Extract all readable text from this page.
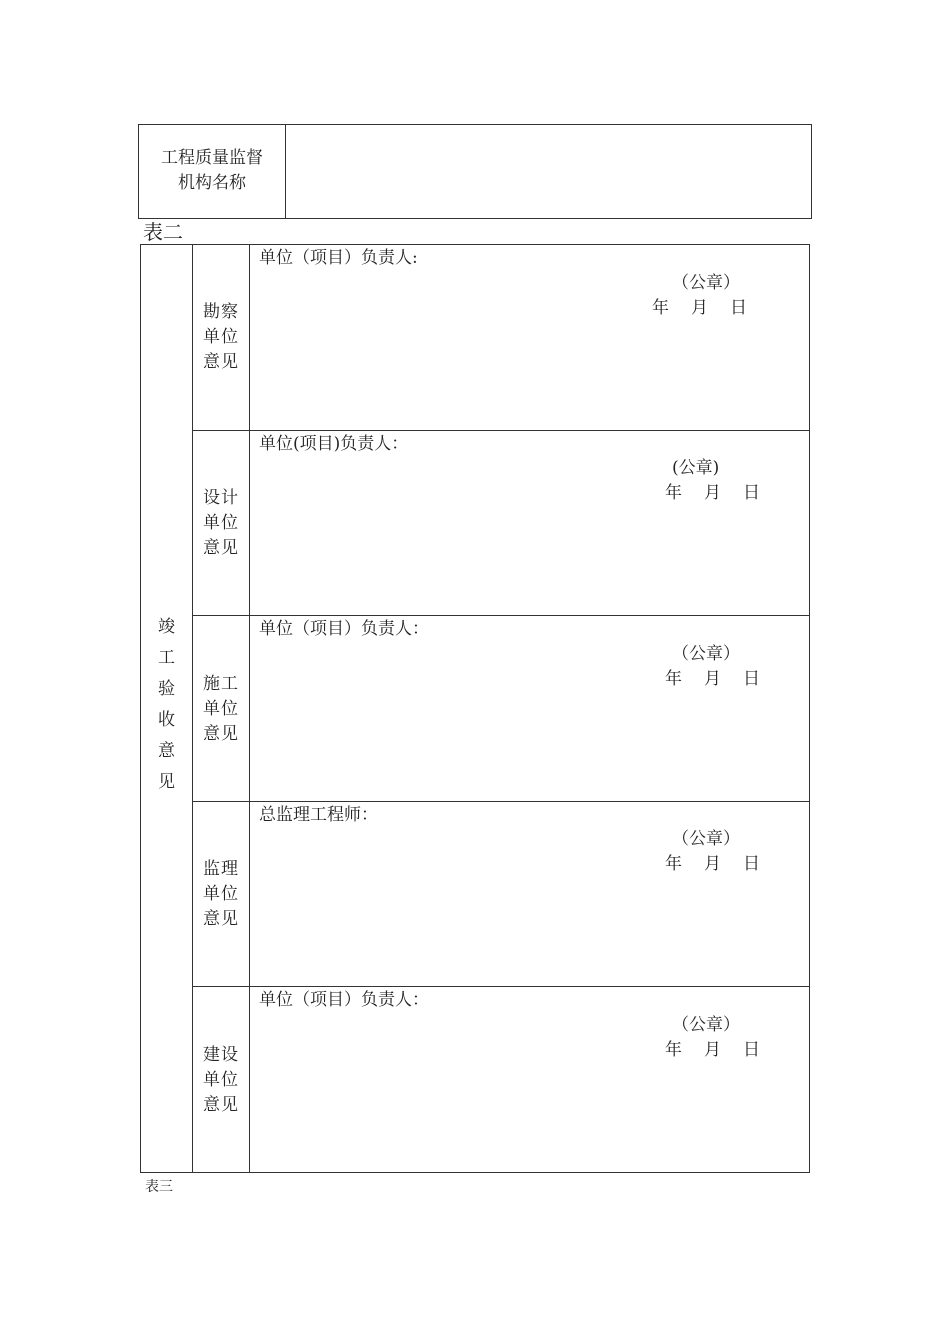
工程质量监督
机构名称
表二
竣
工
验
收
意
见
勘察
单位
意见
单位（项目）负责人:
（公章）
年 月 日
设计
单位
意见
单位(项目)负责人：
(公章)
年 月 日
施工
单位
意见
单位（项目）负责人：
（公章）
年 月 日
监理
单位
意见
总监理工程师：
（公章）
年 月 日
建设
单位
意见
单位（项目）负责人：
（公章）
年 月 日
表三
